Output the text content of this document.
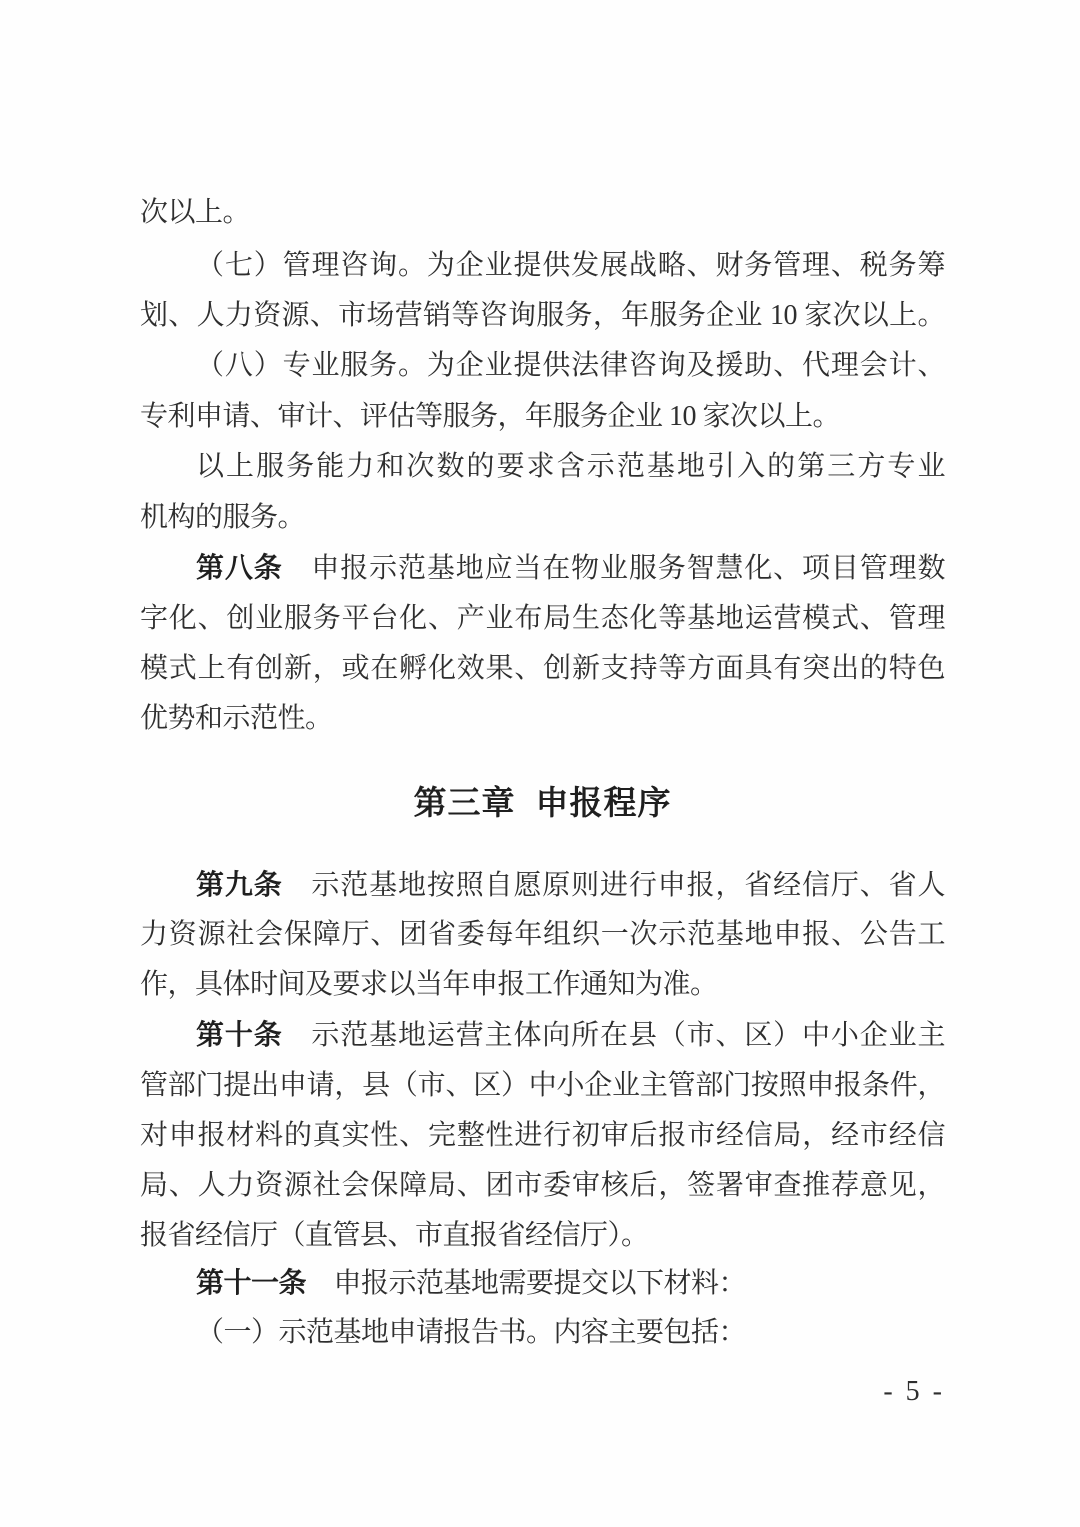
次以上。
（七）管理咨询。为企业提供发展战略、财务管理、税务筹
划、人力资源、市场营销等咨询服务，年服务企业 10 家次以上。
（八）专业服务。为企业提供法律咨询及援助、代理会计、
专利申请、审计、评估等服务，年服务企业 10 家次以上。
以上服务能力和次数的要求含示范基地引入的第三方专业
机构的服务。
第八条　申报示范基地应当在物业服务智慧化、项目管理数
字化、创业服务平台化、产业布局生态化等基地运营模式、管理
模式上有创新，或在孵化效果、创新支持等方面具有突出的特色
优势和示范性。
第三章 申报程序
第九条　示范基地按照自愿原则进行申报，省经信厅、省人
力资源社会保障厅、团省委每年组织一次示范基地申报、公告工
作，具体时间及要求以当年申报工作通知为准。
第十条　示范基地运营主体向所在县（市、区）中小企业主
管部门提出申请，县（市、区）中小企业主管部门按照申报条件，
对申报材料的真实性、完整性进行初审后报市经信局，经市经信
局、人力资源社会保障局、团市委审核后，签署审查推荐意见，
报省经信厅（直管县、市直报省经信厅）。
第十一条　申报示范基地需要提交以下材料：
（一）示范基地申请报告书。内容主要包括：
- 5 -
